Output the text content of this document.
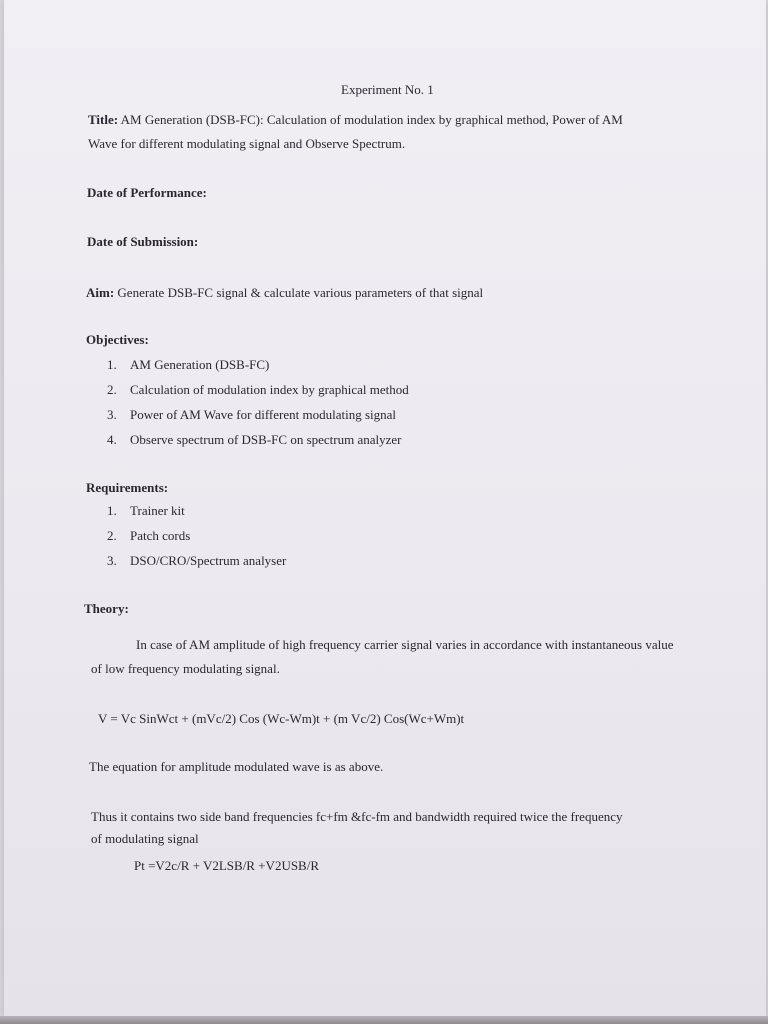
Experiment No. 1
Title: AM Generation (DSB-FC): Calculation of modulation index by graphical method, Power of AM
Wave for different modulating signal and Observe Spectrum.
Date of Performance:
Date of Submission:
Aim: Generate DSB-FC signal & calculate various parameters of that signal
Objectives:
1. AM Generation (DSB-FC)
2. Calculation of modulation index by graphical method
3. Power of AM Wave for different modulating signal
4. Observe spectrum of DSB-FC on spectrum analyzer
Requirements:
1. Trainer kit
2. Patch cords
3. DSO/CRO/Spectrum analyser
Theory:
In case of AM amplitude of high frequency carrier signal varies in accordance with instantaneous value
of low frequency modulating signal.
V = Vc SinWct + (mVc/2) Cos (Wc-Wm)t + (m Vc/2) Cos(Wc+Wm)t
The equation for amplitude modulated wave is as above.
Thus it contains two side band frequencies fc+fm &fc-fm and bandwidth required twice the frequency
of modulating signal
Pt =V2c/R + V2LSB/R +V2USB/R
